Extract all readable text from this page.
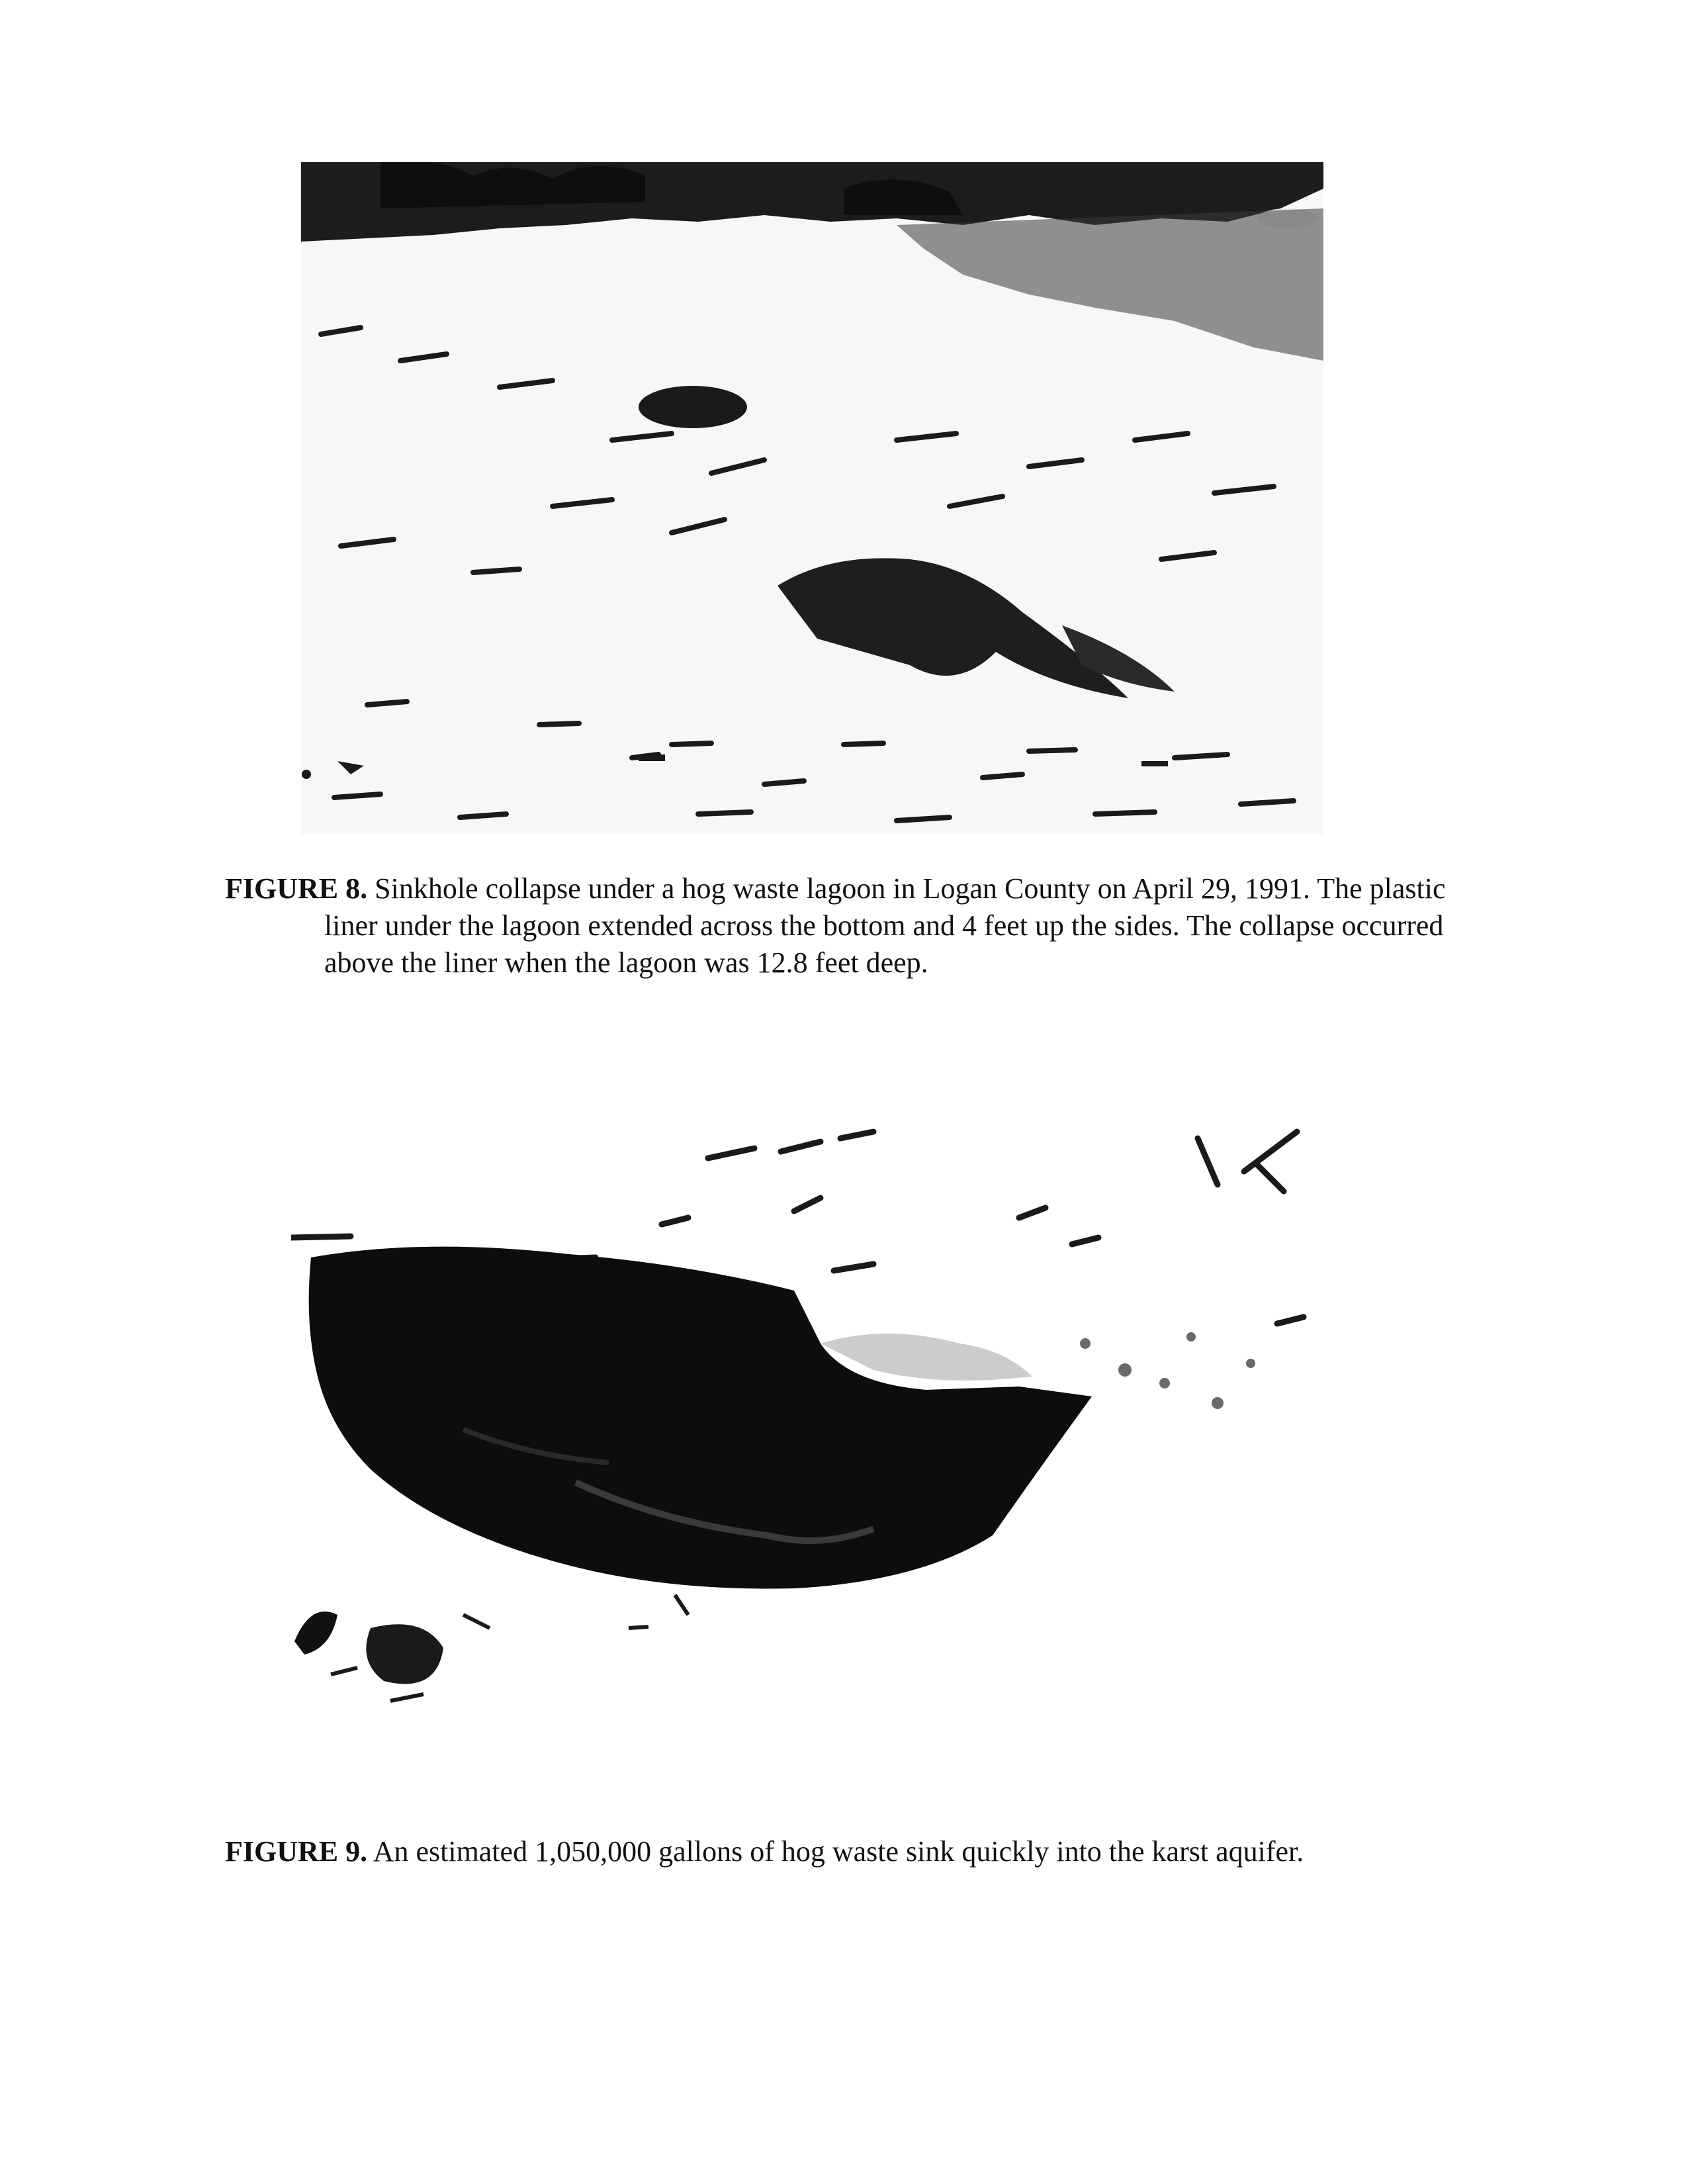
FIGURE 8. Sinkhole collapse under a hog waste lagoon in Logan County on April 29, 1991. The plastic liner under the lagoon extended across the bottom and 4 feet up the sides. The collapse occurred above the liner when the lagoon was 12.8 feet deep.
FIGURE 9. An estimated 1,050,000 gallons of hog waste sink quickly into the karst aquifer.
